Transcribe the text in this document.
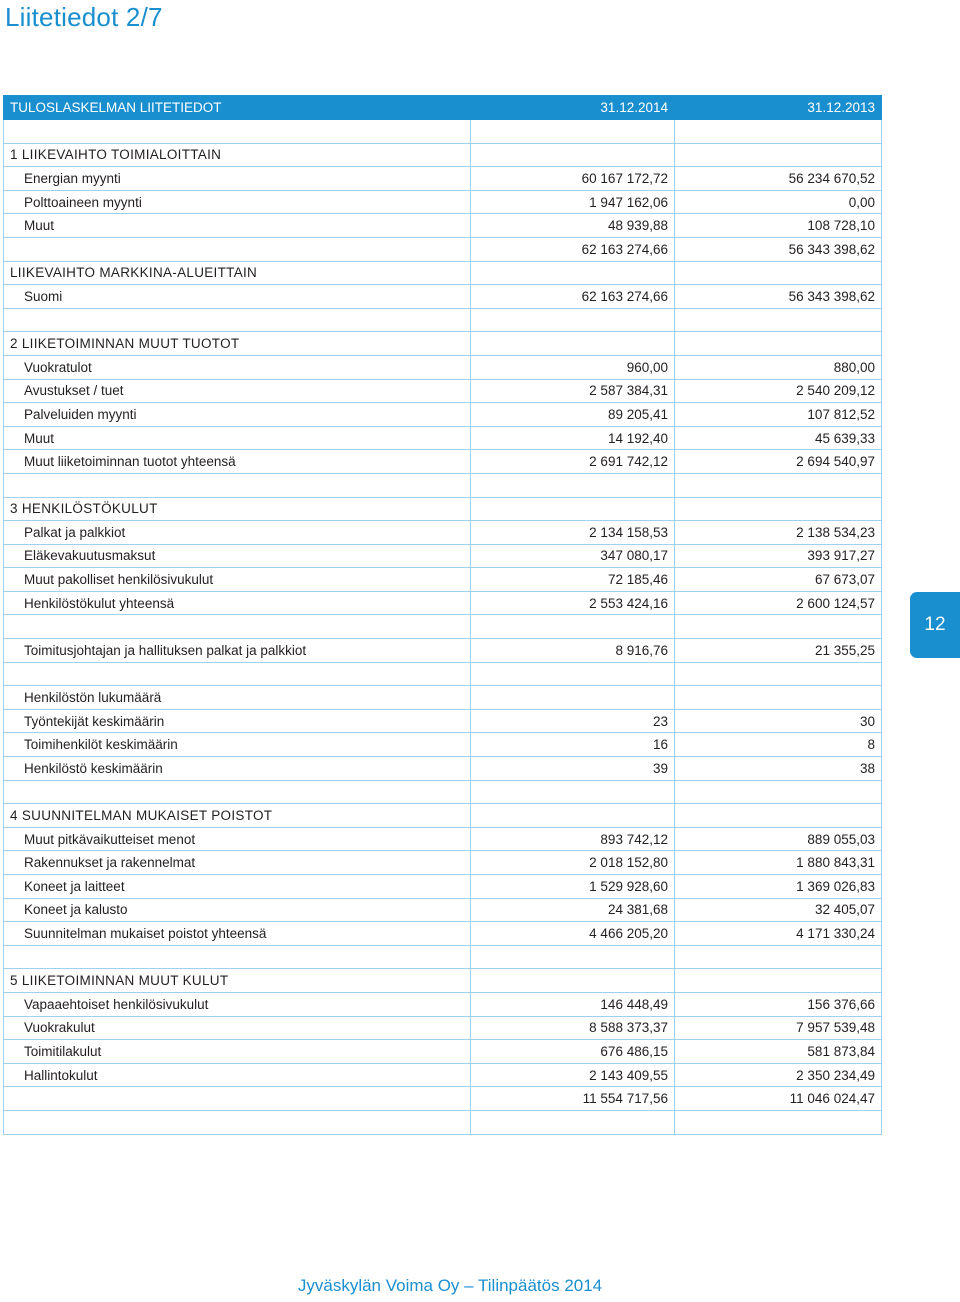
Liitetiedot 2/7
TULOSLASKELMAN LIITETIEDOT	31.12.2014	31.12.2013

1 LIIKEVAIHTO TOIMIALOITTAIN		
Energian myynti	60 167 172,72	56 234 670,52
Polttoaineen myynti	1 947 162,06	0,00
Muut	48 939,88	108 728,10
	62 163 274,66	56 343 398,62
LIIKEVAIHTO MARKKINA-ALUEITTAIN		
Suomi	62 163 274,66	56 343 398,62

2 LIIKETOIMINNAN MUUT TUOTOT		
Vuokratulot	960,00	880,00
Avustukset / tuet	2 587 384,31	2 540 209,12
Palveluiden myynti	89 205,41	107 812,52
Muut	14 192,40	45 639,33
Muut liiketoiminnan tuotot yhteensä	2 691 742,12	2 694 540,97

3 HENKILÖSTÖKULUT		
Palkat ja palkkiot	2 134 158,53	2 138 534,23
Eläkevakuutusmaksut	347 080,17	393 917,27
Muut pakolliset henkilösivukulut	72 185,46	67 673,07
Henkilöstökulut yhteensä	2 553 424,16	2 600 124,57

Toimitusjohtajan ja hallituksen palkat ja palkkiot	8 916,76	21 355,25

Henkilöstön lukumäärä		
Työntekijät keskimäärin	23	30
Toimihenkilöt keskimäärin	16	8
Henkilöstö keskimäärin	39	38

4 SUUNNITELMAN MUKAISET POISTOT		
Muut pitkävaikutteiset menot	893 742,12	889 055,03
Rakennukset ja rakennelmat	2 018 152,80	1 880 843,31
Koneet ja laitteet	1 529 928,60	1 369 026,83
Koneet ja kalusto	24 381,68	32 405,07
Suunnitelman mukaiset poistot yhteensä	4 466 205,20	4 171 330,24

5 LIIKETOIMINNAN MUUT KULUT		
Vapaaehtoiset henkilösivukulut	146 448,49	156 376,66
Vuokrakulut	8 588 373,37	7 957 539,48
Toimitilakulut	676 486,15	581 873,84
Hallintokulut	2 143 409,55	2 350 234,49
	11 554 717,56	11 046 024,47

12
Jyväskylän Voima Oy – Tilinpäätös 2014
